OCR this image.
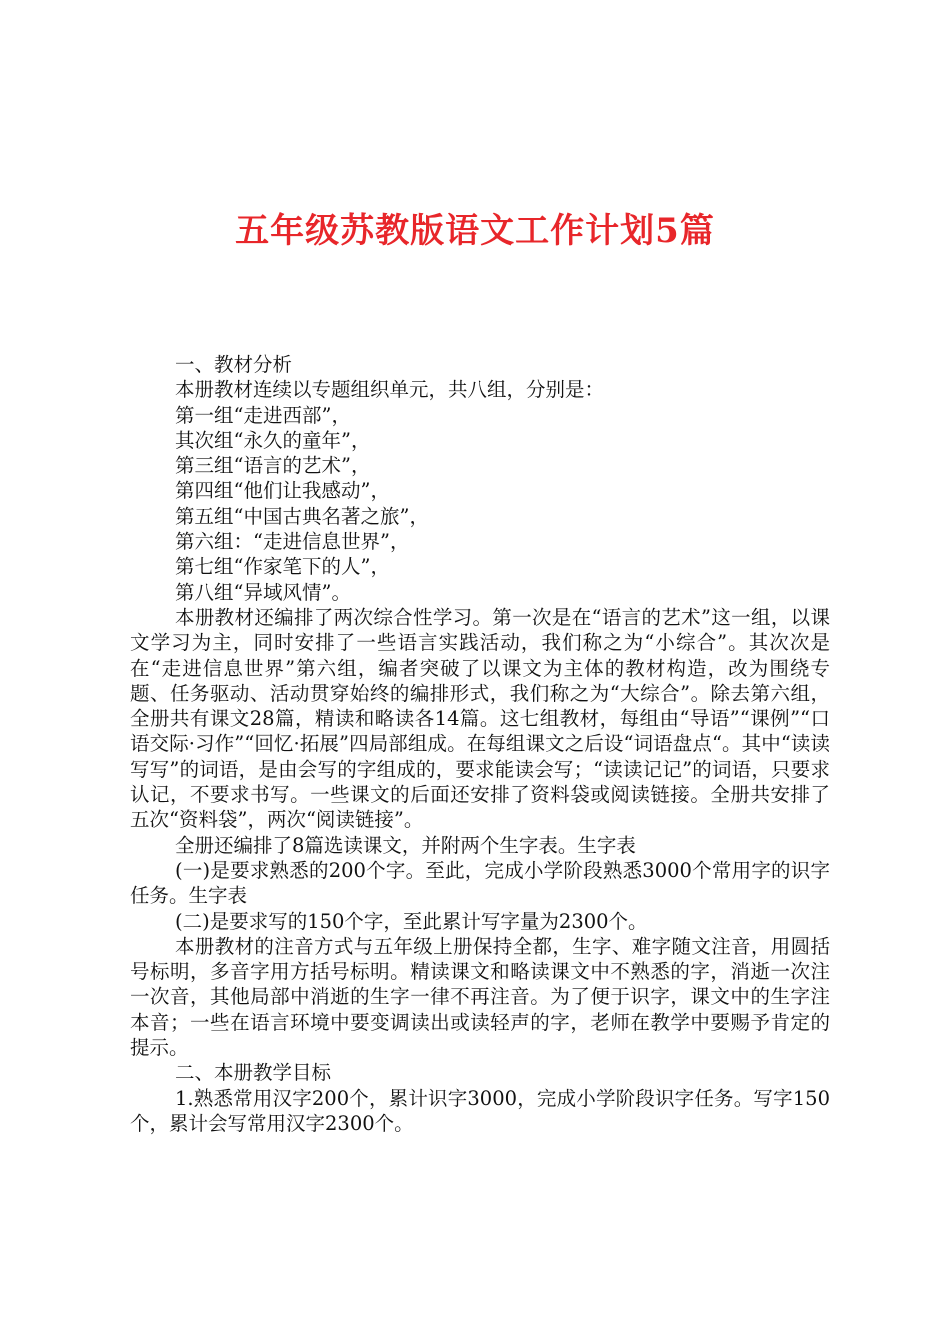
五年级苏教版语文工作计划5篇

一、教材分析

本册教材连续以专题组织单元，共八组，分别是：

第一组“走进西部”，

其次组“永久的童年”，

第三组“语言的艺术”，

第四组“他们让我感动”，

第五组“中国古典名著之旅”，

第六组：“走进信息世界”，

第七组“作家笔下的人”，

第八组“异域风情”。

本册教材还编排了两次综合性学习。第一次是在“语言的艺术”这一组，以课文学习为主，同时安排了一些语言实践活动，我们称之为“小综合”。其次次是在“走进信息世界”第六组，编者突破了以课文为主体的教材构造，改为围绕专题、任务驱动、活动贯穿始终的编排形式，我们称之为“大综合”。除去第六组，全册共有课文28篇，精读和略读各14篇。这七组教材，每组由“导语”“课例”“口语交际·习作”“回忆·拓展”四局部组成。在每组课文之后设“词语盘点“。其中“读读写写”的词语，是由会写的字组成的，要求能读会写；“读读记记”的词语，只要求认记，不要求书写。一些课文的后面还安排了资料袋或阅读链接。全册共安排了五次“资料袋”，两次“阅读链接”。

全册还编排了8篇选读课文，并附两个生字表。生字表

(一)是要求熟悉的200个字。至此，完成小学阶段熟悉3000个常用字的识字任务。生字表

(二)是要求写的150个字，至此累计写字量为2300个。

本册教材的注音方式与五年级上册保持全都，生字、难字随文注音，用圆括号标明，多音字用方括号标明。精读课文和略读课文中不熟悉的字，消逝一次注一次音，其他局部中消逝的生字一律不再注音。为了便于识字，课文中的生字注本音；一些在语言环境中要变调读出或读轻声的字，老师在教学中要赐予肯定的提示。

二、本册教学目标

1.熟悉常用汉字200个，累计识字3000，完成小学阶段识字任务。写字150个，累计会写常用汉字2300个。
